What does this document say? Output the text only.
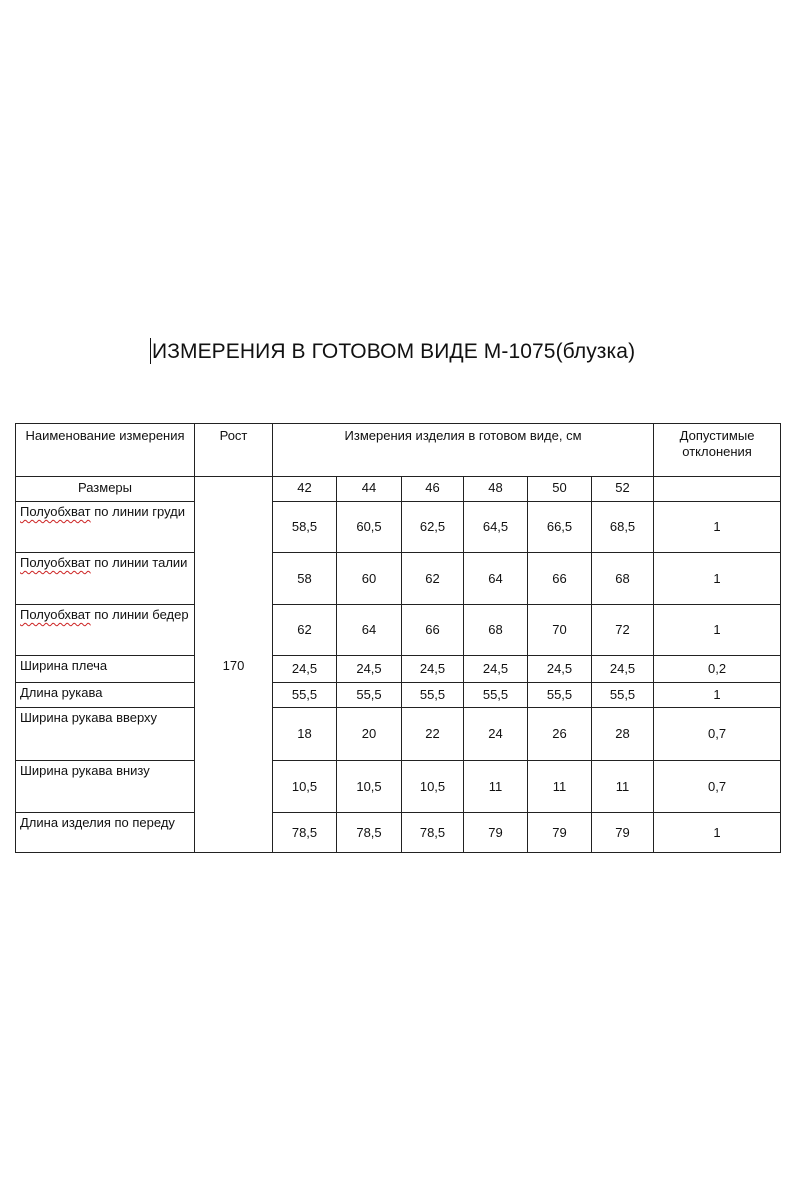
ИЗМЕРЕНИЯ В ГОТОВОМ ВИДЕ М-1075(блузка)
Наименование измерения	Рост	Измерения изделия в готовом виде, см						Допустимые отклонения
Размеры	170	42	44	46	48	50	52	
Полуобхват по линии груди		58,5	60,5	62,5	64,5	66,5	68,5	1
Полуобхват по линии талии		58	60	62	64	66	68	1
Полуобхват по линии бедер		62	64	66	68	70	72	1
Ширина плеча		24,5	24,5	24,5	24,5	24,5	24,5	0,2
Длина рукава		55,5	55,5	55,5	55,5	55,5	55,5	1
Ширина рукава вверху		18	20	22	24	26	28	0,7
Ширина рукава внизу		10,5	10,5	10,5	11	11	11	0,7
Длина изделия по переду		78,5	78,5	78,5	79	79	79	1
